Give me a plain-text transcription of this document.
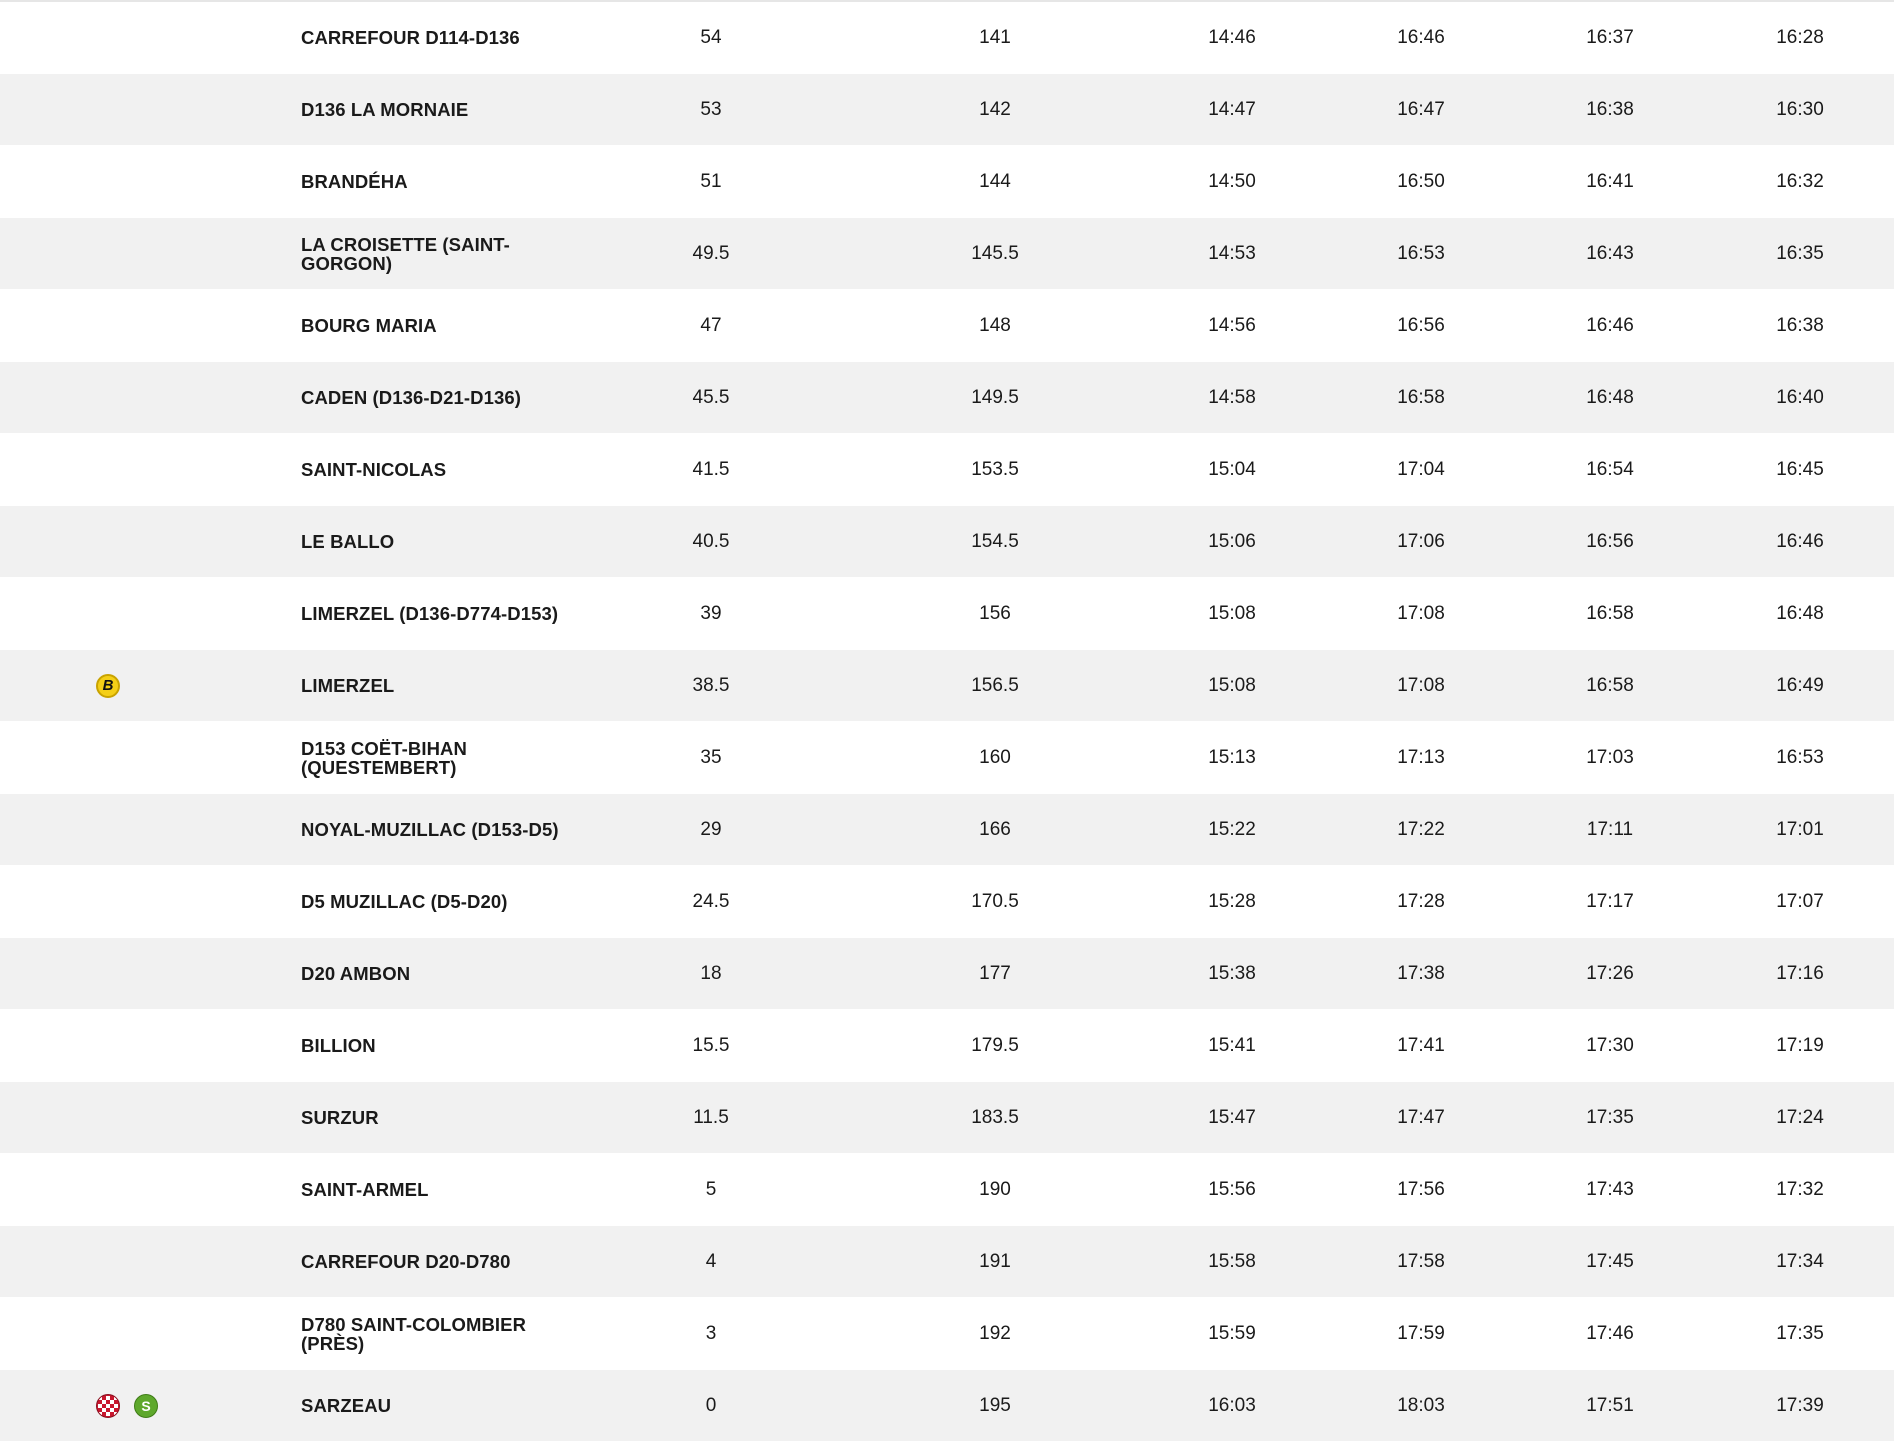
CARREFOUR D114-D136	54	141	14:46	16:46	16:37	16:28
D136 LA MORNAIE	53	142	14:47	16:47	16:38	16:30
BRANDÉHA	51	144	14:50	16:50	16:41	16:32
LA CROISETTE (SAINT-GORGON)	49.5	145.5	14:53	16:53	16:43	16:35
BOURG MARIA	47	148	14:56	16:56	16:46	16:38
CADEN (D136-D21-D136)	45.5	149.5	14:58	16:58	16:48	16:40
SAINT-NICOLAS	41.5	153.5	15:04	17:04	16:54	16:45
LE BALLO	40.5	154.5	15:06	17:06	16:56	16:46
LIMERZEL (D136-D774-D153)	39	156	15:08	17:08	16:58	16:48
B	LIMERZEL	38.5	156.5	15:08	17:08	16:58	16:49
D153 COËT-BIHAN (QUESTEMBERT)	35	160	15:13	17:13	17:03	16:53
NOYAL-MUZILLAC (D153-D5)	29	166	15:22	17:22	17:11	17:01
D5 MUZILLAC (D5-D20)	24.5	170.5	15:28	17:28	17:17	17:07
D20 AMBON	18	177	15:38	17:38	17:26	17:16
BILLION	15.5	179.5	15:41	17:41	17:30	17:19
SURZUR	11.5	183.5	15:47	17:47	17:35	17:24
SAINT-ARMEL	5	190	15:56	17:56	17:43	17:32
CARREFOUR D20-D780	4	191	15:58	17:58	17:45	17:34
D780 SAINT-COLOMBIER (PRÈS)	3	192	15:59	17:59	17:46	17:35
S	SARZEAU	0	195	16:03	18:03	17:51	17:39
